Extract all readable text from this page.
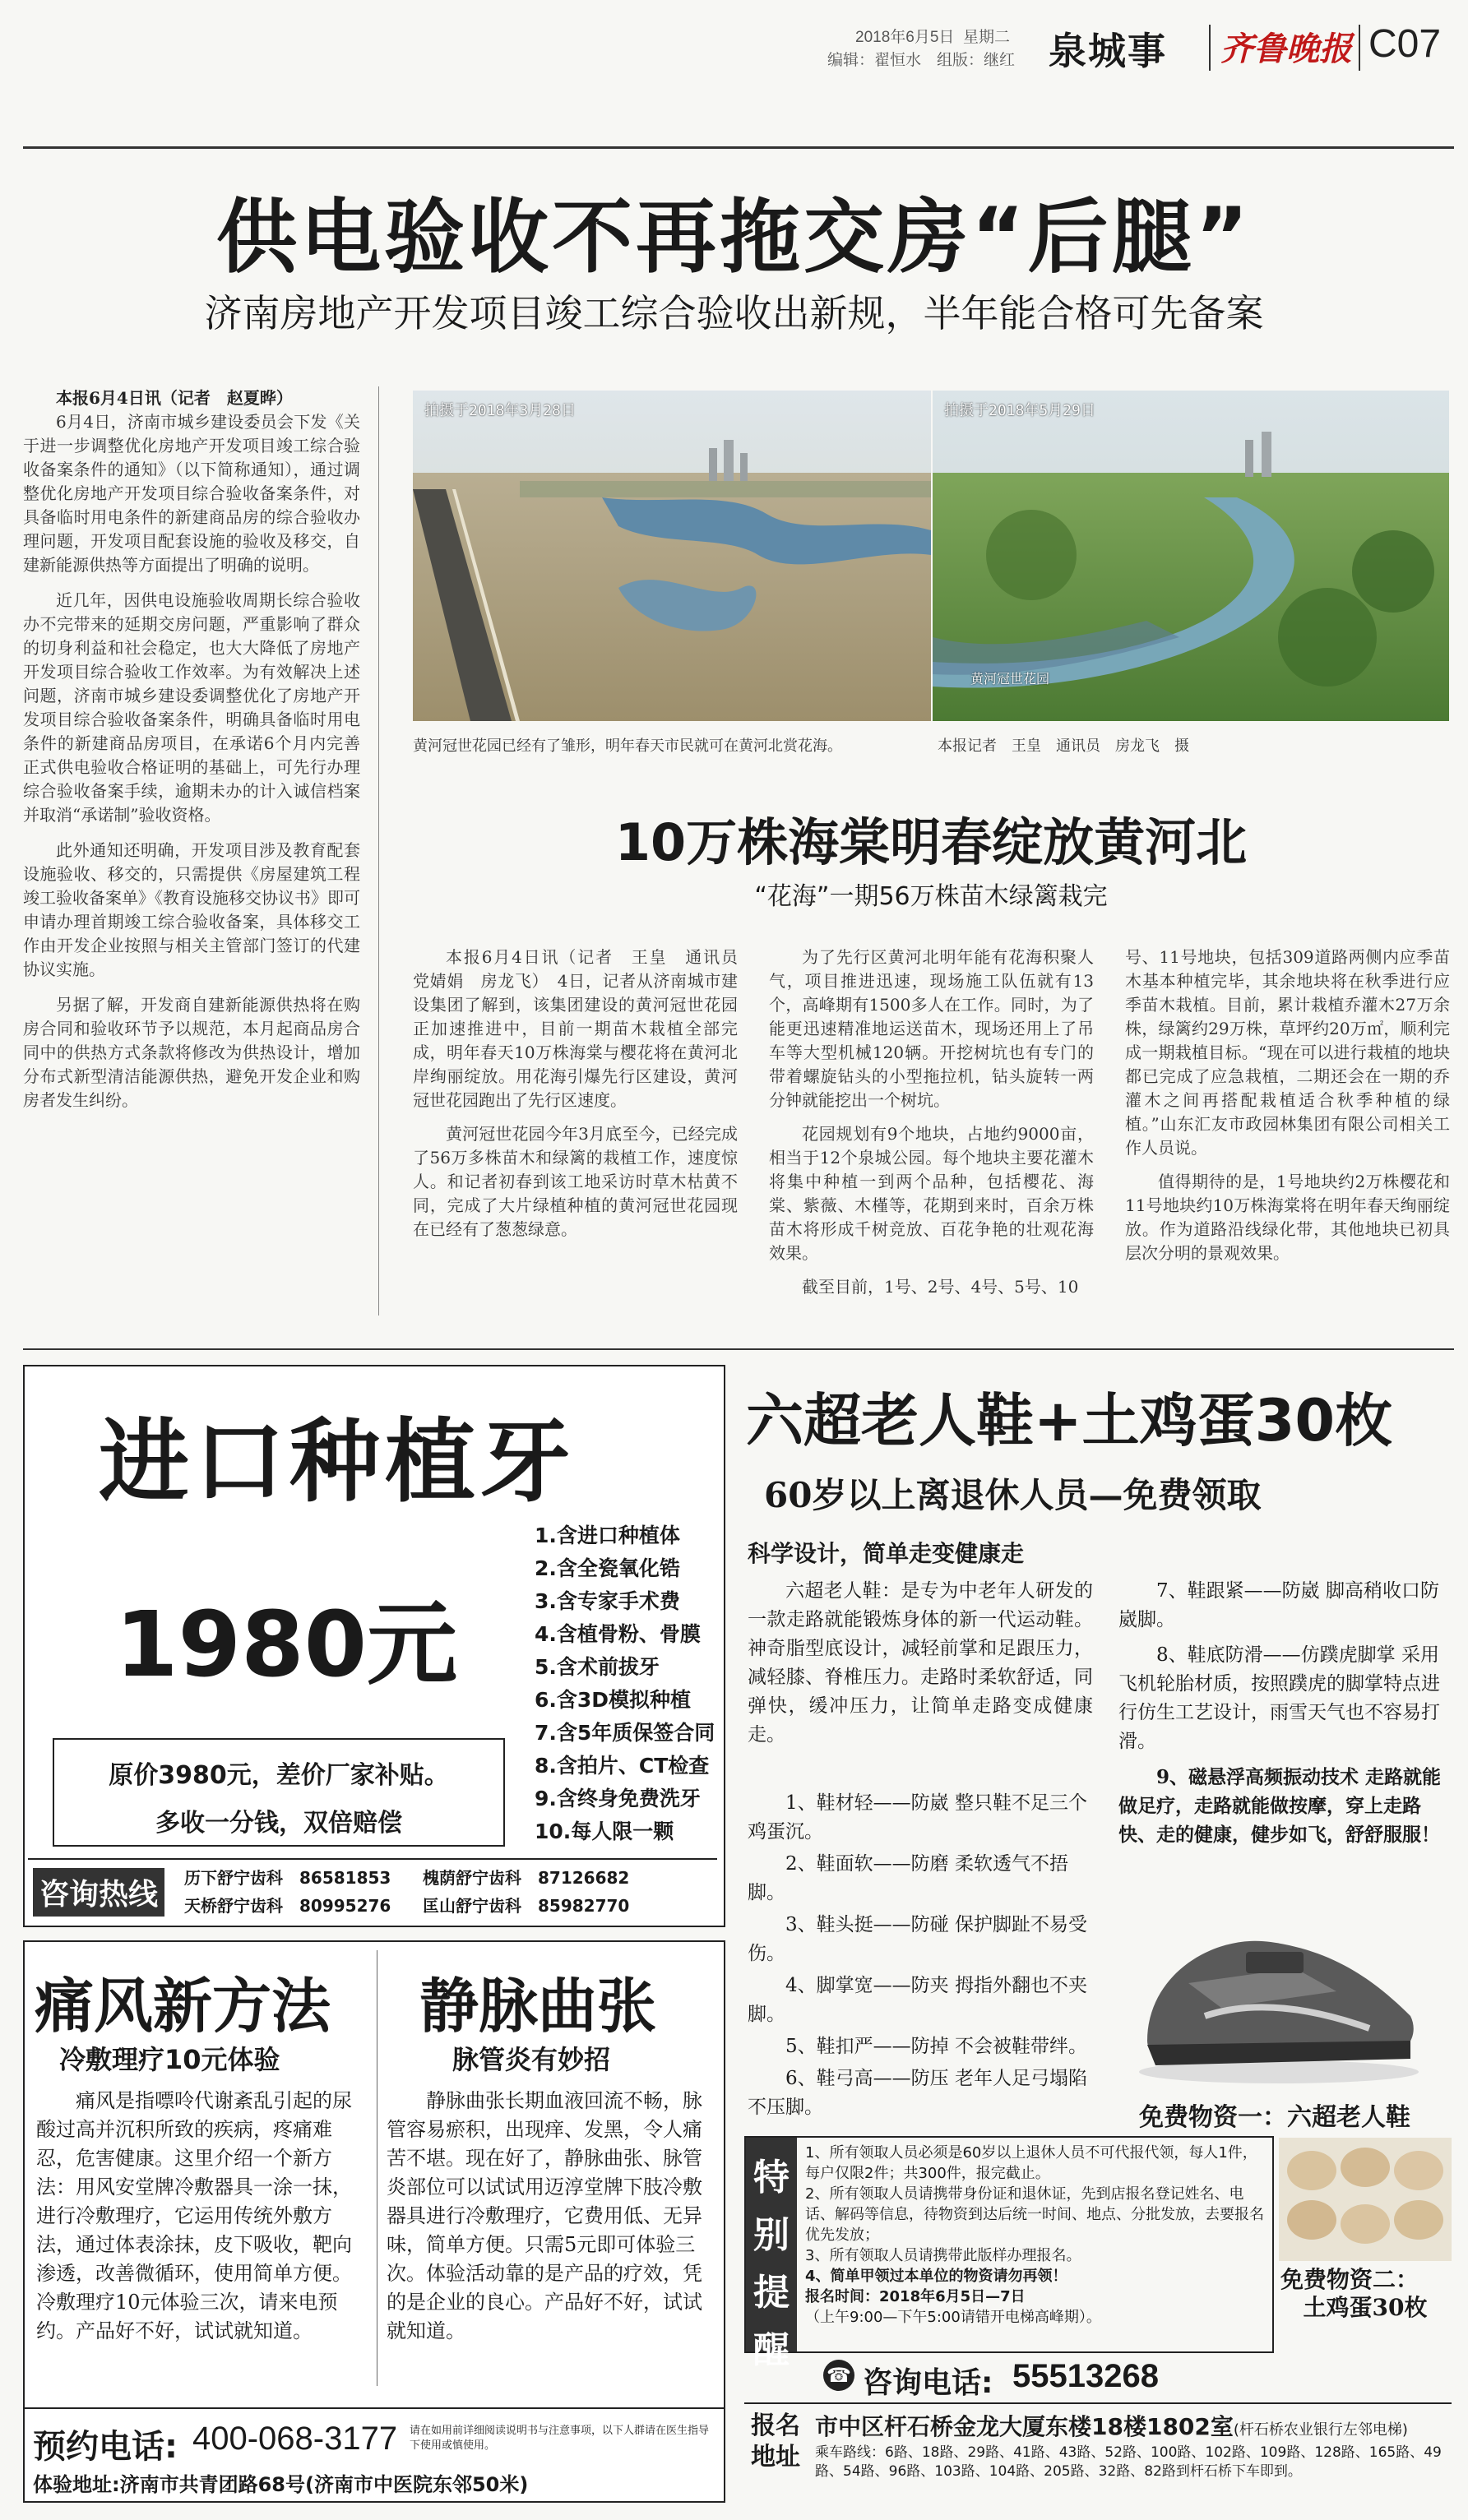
2018年6月5日 星期二
编辑：翟恒水　组版：继红 泉城事 齐鲁晚报 C07
供电验收不再拖交房“后腿”
济南房地产开发项目竣工综合验收出新规，半年能合格可先备案
本报6月4日讯（记者　赵夏晔）

6月4日，济南市城乡建设委员会下发《关于进一步调整优化房地产开发项目竣工综合验收备案条件的通知》（以下简称通知），通过调整优化房地产开发项目综合验收备案条件，对具备临时用电条件的新建商品房的综合验收办理问题，开发项目配套设施的验收及移交，自建新能源供热等方面提出了明确的说明。

近几年，因供电设施验收周期长综合验收办不完带来的延期交房问题，严重影响了群众的切身利益和社会稳定，也大大降低了房地产开发项目综合验收工作效率。为有效解决上述问题，济南市城乡建设委调整优化了房地产开发项目综合验收备案条件，明确具备临时用电条件的新建商品房项目，在承诺6个月内完善正式供电验收合格证明的基础上，可先行办理综合验收备案手续，逾期未办的计入诚信档案并取消“承诺制”验收资格。

此外通知还明确，开发项目涉及教育配套设施验收、移交的，只需提供《房屋建筑工程竣工验收备案单》《教育设施移交协议书》即可申请办理首期竣工综合验收备案，具体移交工作由开发企业按照与相关主管部门签订的代建协议实施。

另据了解，开发商自建新能源供热将在购房合同和验收环节予以规范，本月起商品房合同中的供热方式条款将修改为供热设计，增加分布式新型清洁能源供热，避免开发企业和购房者发生纠纷。

拍摄于2018年3月28日	拍摄于2018年5月29日
黄河冠世花园
黄河冠世花园已经有了雏形，明年春天市民就可在黄河北赏花海。	本报记者　王皇　通讯员　房龙飞　摄
10万株海棠明春绽放黄河北
“花海”一期56万株苗木绿篱栽完

本报6月4日讯（记者　王皇　通讯员　党婧娟　房龙飞）　4日，记者从济南城市建设集团了解到，该集团建设的黄河冠世花园正加速推进中，目前一期苗木栽植全部完成，明年春天10万株海棠与樱花将在黄河北岸绚丽绽放。用花海引爆先行区建设，黄河冠世花园跑出了先行区速度。

黄河冠世花园今年3月底至今，已经完成了56万多株苗木和绿篱的栽植工作，速度惊人。和记者初春到该工地采访时草木枯黄不同，完成了大片绿植种植的黄河冠世花园现在已经有了葱葱绿意。

为了先行区黄河北明年能有花海积聚人气，项目推进迅速，现场施工队伍就有13个，高峰期有1500多人在工作。同时，为了能更迅速精准地运送苗木，现场还用上了吊车等大型机械120辆。开挖树坑也有专门的带着螺旋钻头的小型拖拉机，钻头旋转一两分钟就能挖出一个树坑。

花园规划有9个地块，占地约9000亩，相当于12个泉城公园。每个地块主要花灌木将集中种植一到两个品种，包括樱花、海棠、紫薇、木槿等，花期到来时，百余万株苗木将形成千树竞放、百花争艳的壮观花海效果。

截至目前，1号、2号、4号、5号、10

号、11号地块，包括309道路两侧内应季苗木基本种植完毕，其余地块将在秋季进行应季苗木栽植。目前，累计栽植乔灌木27万余株，绿篱约29万株，草坪约20万㎡，顺利完成一期栽植目标。“现在可以进行栽植的地块都已完成了应急栽植，二期还会在一期的乔灌木之间再搭配栽植适合秋季种植的绿植。”山东汇友市政园林集团有限公司相关工作人员说。

值得期待的是，1号地块约2万株樱花和11号地块约10万株海棠将在明年春天绚丽绽放。作为道路沿线绿化带，其他地块已初具层次分明的景观效果。

进口种植牙
1980元
1.含进口种植体
2.含全瓷氧化锆
3.含专家手术费
4.含植骨粉、骨膜
5.含术前拔牙
6.含3D模拟种植
7.含5年质保签合同
8.含拍片、CT检查
9.含终身免费洗牙
10.每人限一颗
原价3980元，差价厂家补贴。
多收一分钱，双倍赔偿
咨询热线	历下舒宁齿科　86581853 槐荫舒宁齿科　87126682
天桥舒宁齿科　80995276 匡山舒宁齿科　85982770
痛风新方法
冷敷理疗10元体验
痛风是指嘌呤代谢紊乱引起的尿酸过高并沉积所致的疾病，疼痛难忍，危害健康。这里介绍一个新方法：用风安堂牌冷敷器具一涂一抹，进行冷敷理疗，它运用传统外敷方法，通过体表涂抹，皮下吸收，靶向渗透，改善微循环，使用简单方便。冷敷理疗10元体验三次，请来电预约。产品好不好，试试就知道。
静脉曲张
脉管炎有妙招
静脉曲张长期血液回流不畅，脉管容易瘀积，出现痒、发黑，令人痛苦不堪。现在好了，静脉曲张、脉管炎部位可以试试用迈淳堂牌下肢冷敷器具进行冷敷理疗，它费用低、无异味，简单方便。只需5元即可体验三次。体验活动靠的是产品的疗效，凭的是企业的良心。产品好不好，试试就知道。
预约电话: 400-068-3177 请在如用前详细阅读说明书与注意事项，以下人群请在医生指导下使用或慎使用。
体验地址:济南市共青团路68号(济南市中医院东邻50米)
六超老人鞋+土鸡蛋30枚
60岁以上离退休人员—免费领取
科学设计，简单走变健康走
六超老人鞋：是专为中老年人研发的一款走路就能锻炼身体的新一代运动鞋。神奇脂型底设计，减轻前掌和足跟压力，减轻膝、脊椎压力。走路时柔软舒适，同弹快，缓冲压力，让简单走路变成健康走。
1、鞋材轻——防崴 整只鞋不足三个鸡蛋沉。
2、鞋面软——防磨 柔软透气不捂脚。
3、鞋头挺——防碰 保护脚趾不易受伤。
4、脚掌宽——防夹 拇指外翻也不夹脚。
5、鞋扣严——防掉 不会被鞋带绊。
6、鞋弓高——防压 老年人足弓塌陷不压脚。
7、鞋跟紧——防崴 脚高稍收口防崴脚。
8、鞋底防滑——仿蹼虎脚掌 采用飞机轮胎材质，按照蹼虎的脚掌特点进行仿生工艺设计，雨雪天气也不容易打滑。
9、磁悬浮高频振动技术 走路就能做足疗，走路就能做按摩，穿上走路快、走的健康，健步如飞，舒舒服服！
免费物资一：六超老人鞋
特
别
提
醒
1、所有领取人员必须是60岁以上退休人员不可代报代领，每人1件，每户仅限2件；共300件，报完截止。
2、所有领取人员请携带身份证和退休证，先到店报名登记姓名、电话、解码等信息，待物资到达后统一时间、地点、分批发放，去要报名优先发放；
3、所有领取人员请携带此版样办理报名。
4、简单甲领过本单位的物资请勿再领！
报名时间：2018年6月5日—7日
（上午9:00—下午5:00请错开电梯高峰期）。
免费物资二：
土鸡蛋30枚
☎ 咨询电话: 55513268
报名地址
市中区杆石桥金龙大厦东楼18楼1802室(杆石桥农业银行左邻电梯)
乘车路线：6路、18路、29路、41路、43路、52路、100路、102路、109路、128路、165路、49路、54路、96路、103路、104路、205路、32路、82路到杆石桥下车即到。
